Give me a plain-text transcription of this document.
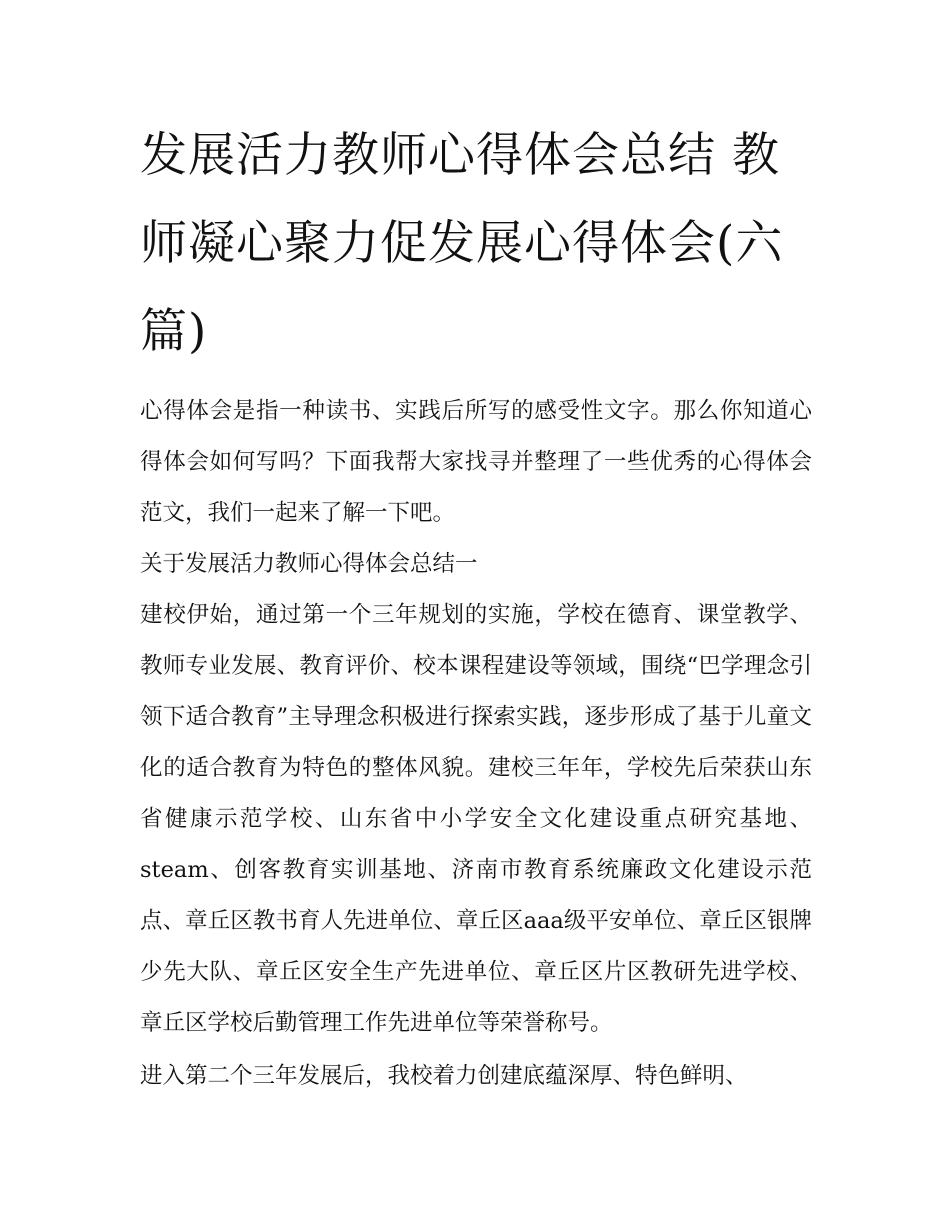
发展活力教师心得体会总结 教师凝心聚力促发展心得体会(六篇)

心得体会是指一种读书、实践后所写的感受性文字。那么你知道心得体会如何写吗？下面我帮大家找寻并整理了一些优秀的心得体会范文，我们一起来了解一下吧。

关于发展活力教师心得体会总结一

建校伊始，通过第一个三年规划的实施，学校在德育、课堂教学、教师专业发展、教育评价、校本课程建设等领域，围绕“巴学理念引领下适合教育”主导理念积极进行探索实践，逐步形成了基于儿童文化的适合教育为特色的整体风貌。建校三年年，学校先后荣获山东省健康示范学校、山东省中小学安全文化建设重点研究基地、steam、创客教育实训基地、济南市教育系统廉政文化建设示范点、章丘区教书育人先进单位、章丘区aaa级平安单位、章丘区银牌少先大队、章丘区安全生产先进单位、章丘区片区教研先进学校、章丘区学校后勤管理工作先进单位等荣誉称号。

进入第二个三年发展后，我校着力创建底蕴深厚、特色鲜明、
